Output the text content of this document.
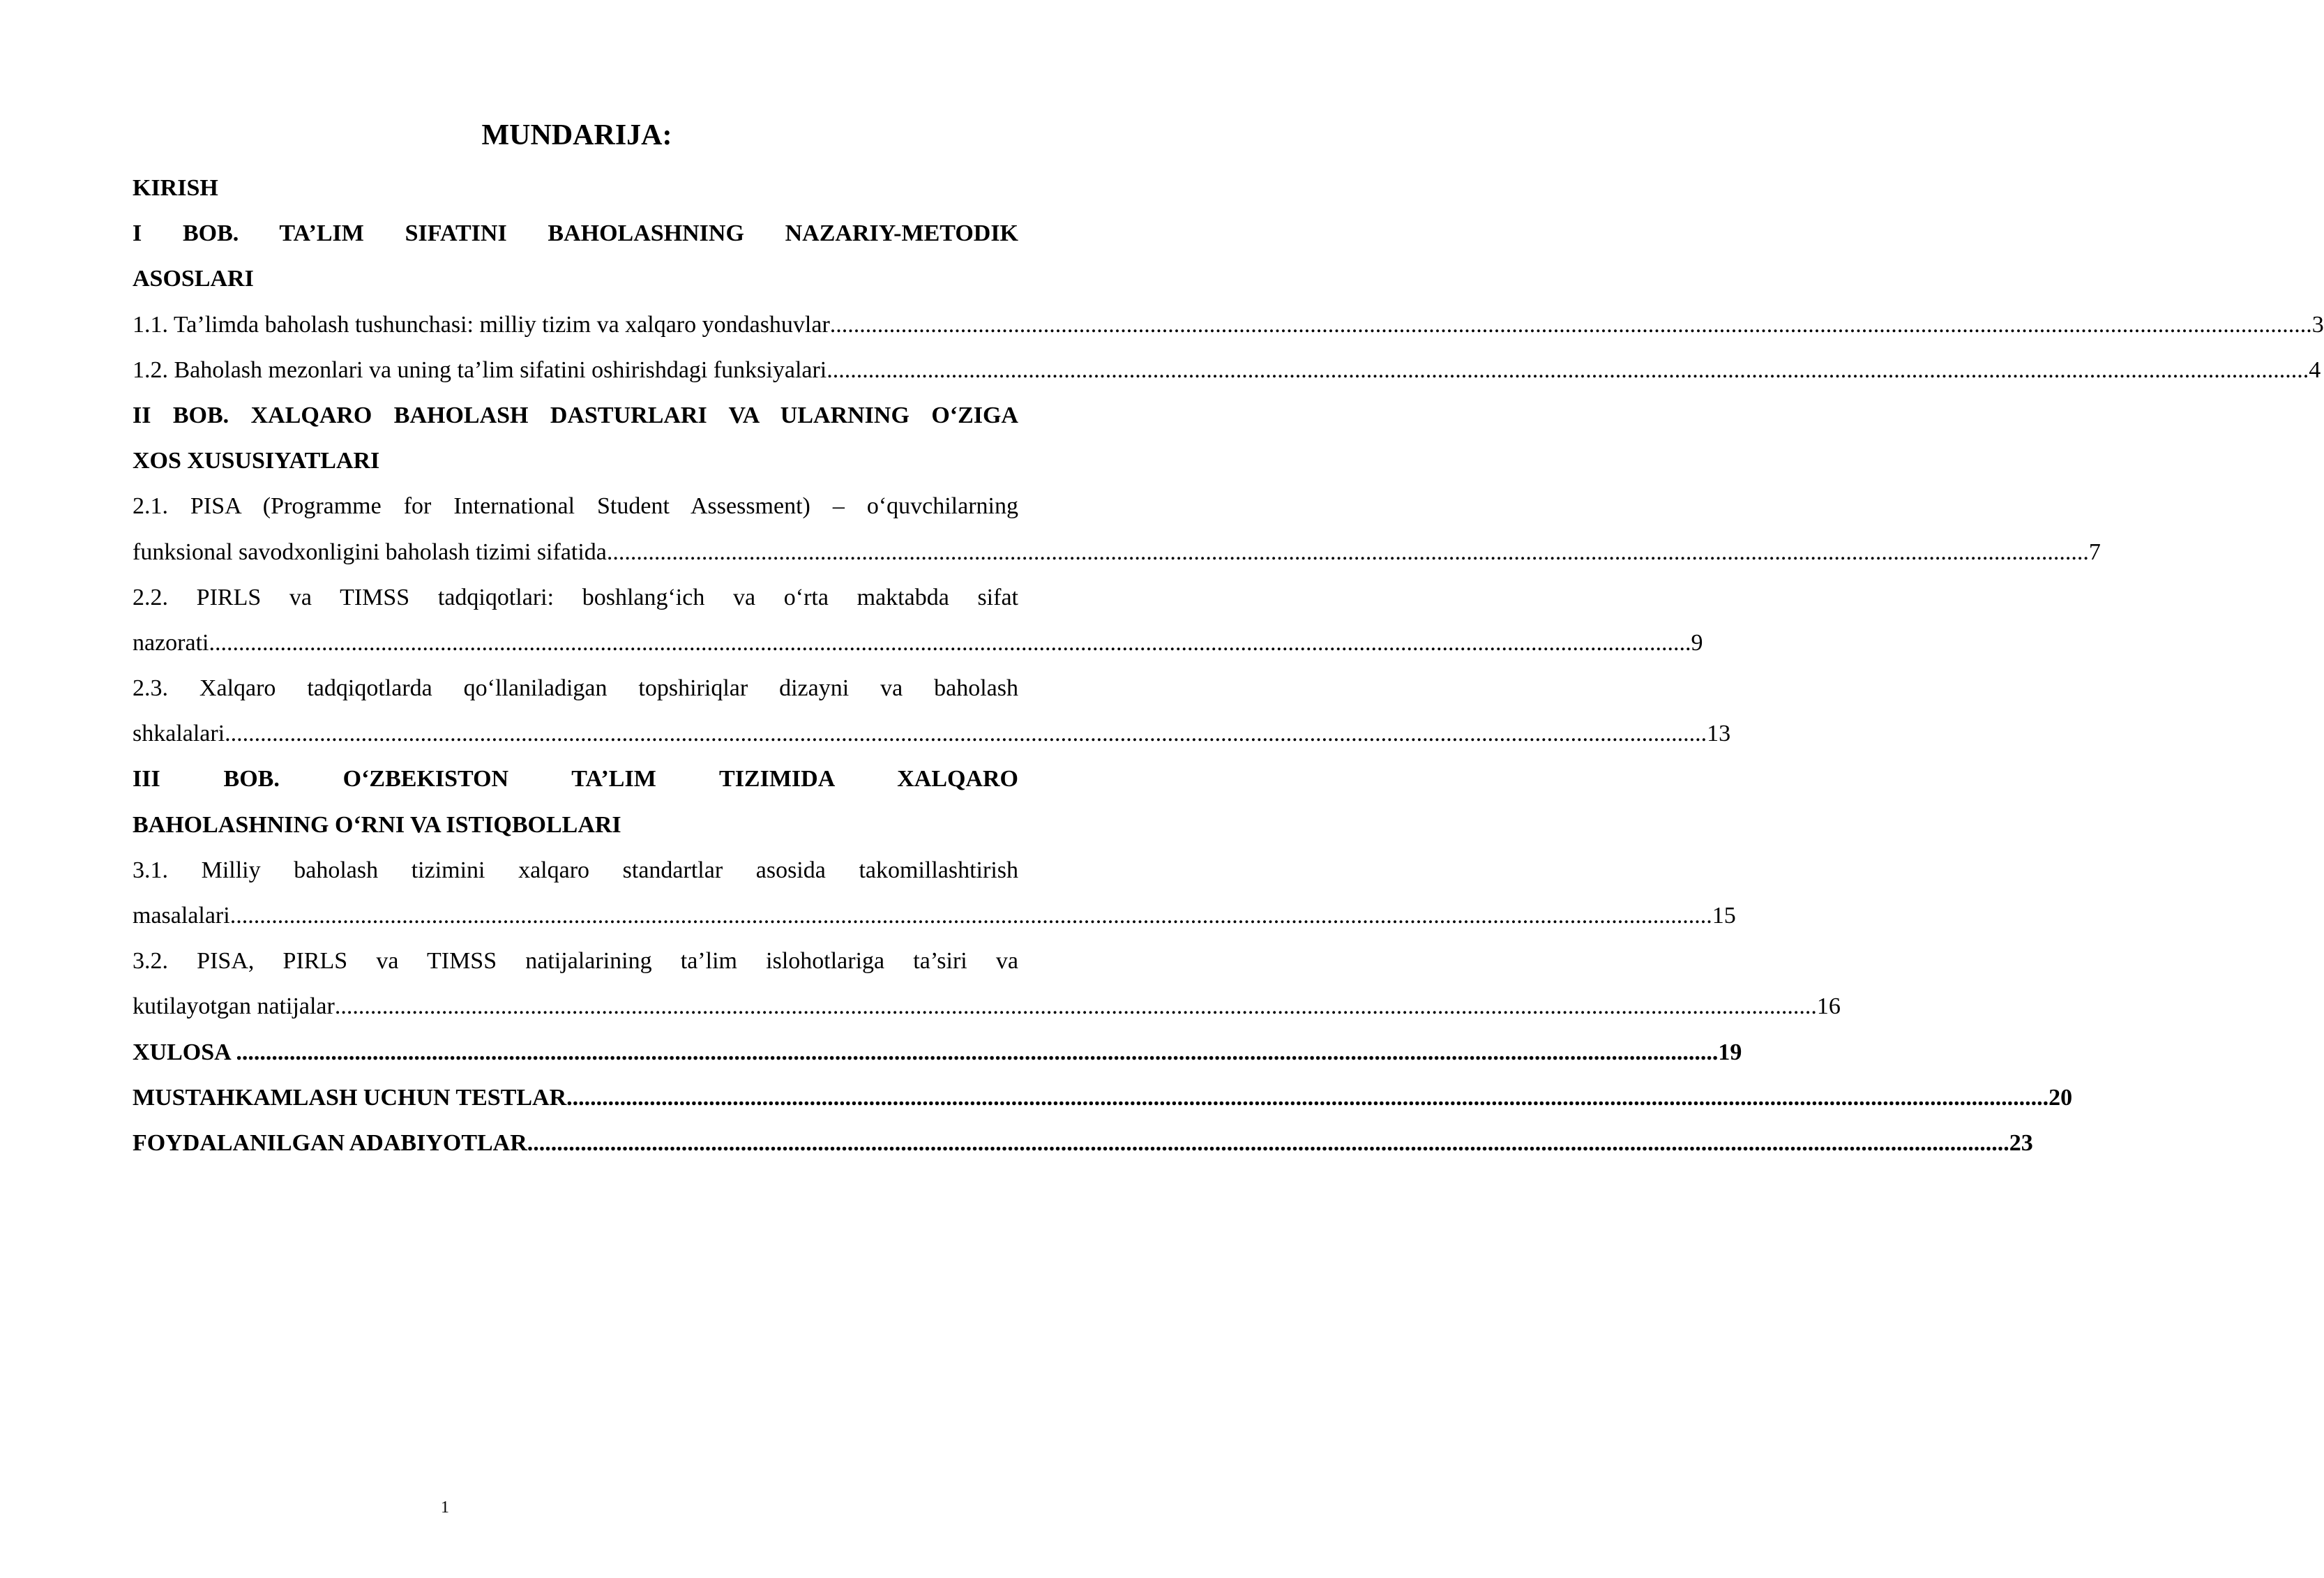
MUNDARIJA:
KIRISH
I BOB. TA’LIM SIFATINI BAHOLASHNING NAZARIY-METODIK
ASOSLARI
1.1. Ta’limda baholash tushunchasi: milliy tizim va xalqaro yondashuvlar .......................................................................................................................................................................................................................................................... 3
1.2. Baholash mezonlari va uning ta’lim sifatini oshirishdagi funksiyalari .......................................................................................................................................................................................................................................................... 4
II BOB. XALQARO BAHOLASH DASTURLARI VA ULARNING O‘ZIGA
XOS XUSUSIYATLARI
2.1. PISA (Programme for International Student Assessment) – o‘quvchilarning
funksional savodxonligini baholash tizimi sifatida .......................................................................................................................................................................................................................................................... 7
2.2. PIRLS va TIMSS tadqiqotlari: boshlang‘ich va o‘rta maktabda sifat
nazorati .......................................................................................................................................................................................................................................................... 9
2.3. Xalqaro tadqiqotlarda qo‘llaniladigan topshiriqlar dizayni va baholash
shkalalari .......................................................................................................................................................................................................................................................... 13
III BOB. O‘ZBEKISTON TA’LIM TIZIMIDA XALQARO
BAHOLASHNING O‘RNI VA ISTIQBOLLARI
3.1. Milliy baholash tizimini xalqaro standartlar asosida takomillashtirish
masalalari .......................................................................................................................................................................................................................................................... 15
3.2. PISA, PIRLS va TIMSS natijalarining ta’lim islohotlariga ta’siri va
kutilayotgan natijalar .......................................................................................................................................................................................................................................................... 16
XULOSA .......................................................................................................................................................................................................................................................... 19
MUSTAHKAMLASH UCHUN TESTLAR .......................................................................................................................................................................................................................................................... 20
FOYDALANILGAN ADABIYOTLAR .......................................................................................................................................................................................................................................................... 23
1
